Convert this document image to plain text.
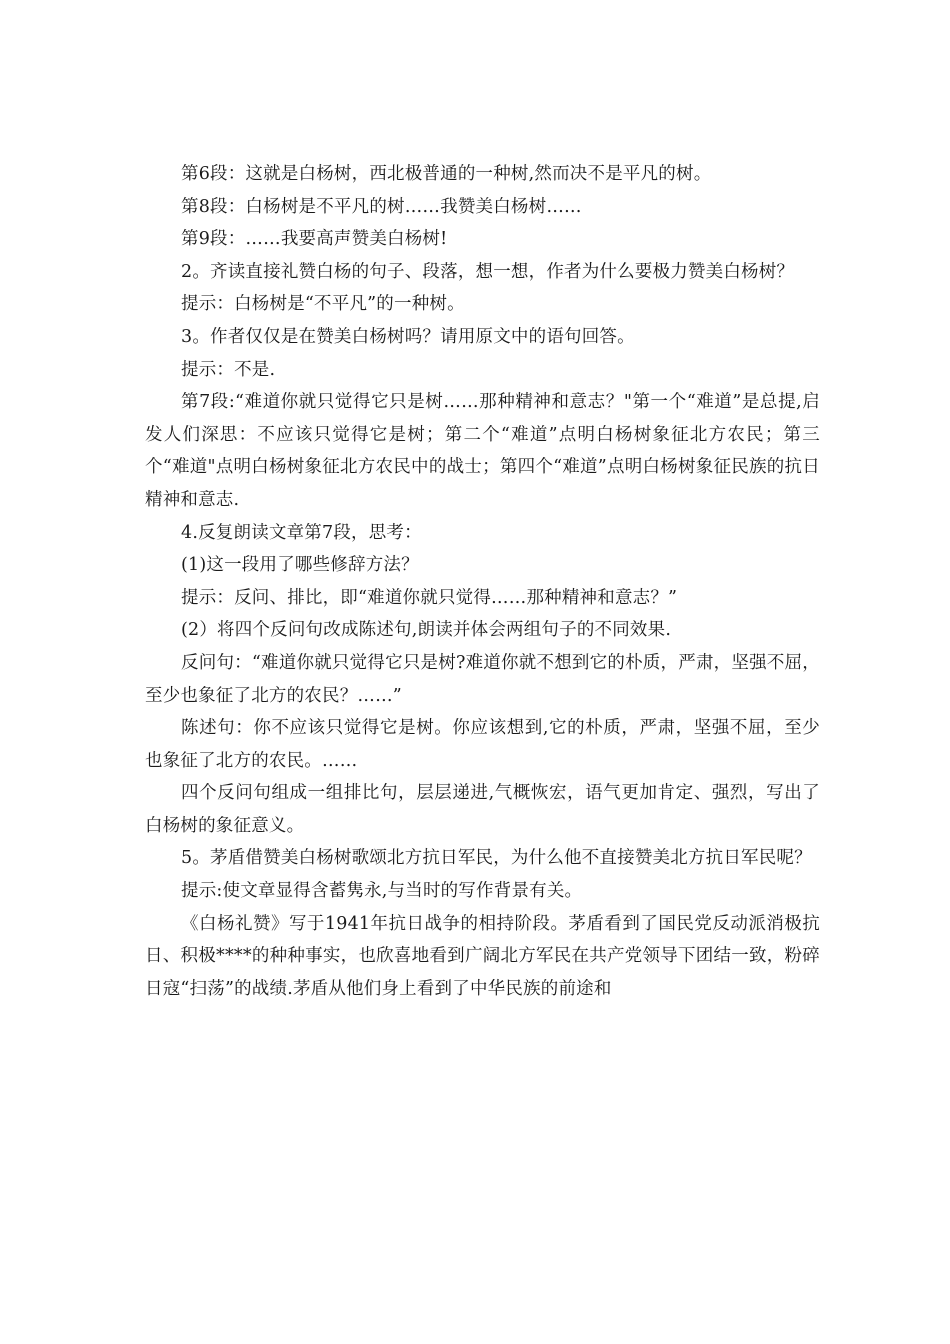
第6段：这就是白杨树，西北极普通的一种树,然而决不是平凡的树。

第8段：白杨树是不平凡的树……我赞美白杨树……

第9段：……我要高声赞美白杨树!

2。齐读直接礼赞白杨的句子、段落，想一想，作者为什么要极力赞美白杨树？

提示：白杨树是“不平凡”的一种树。

3。作者仅仅是在赞美白杨树吗？请用原文中的语句回答。

提示：不是.

第7段:“难道你就只觉得它只是树……那种精神和意志？"第一个“难道”是总提,启发人们深思：不应该只觉得它是树；第二个“难道”点明白杨树象征北方农民；第三个“难道"点明白杨树象征北方农民中的战士；第四个“难道”点明白杨树象征民族的抗日精神和意志.

4.反复朗读文章第7段，思考：

(1)这一段用了哪些修辞方法？

提示：反问、排比，即“难道你就只觉得……那种精神和意志？”

(2）将四个反问句改成陈述句,朗读并体会两组句子的不同效果.

反问句：“难道你就只觉得它只是树?难道你就不想到它的朴质，严肃，坚强不屈，至少也象征了北方的农民？……”

陈述句：你不应该只觉得它是树。你应该想到,它的朴质，严肃，坚强不屈，至少也象征了北方的农民。……

四个反问句组成一组排比句，层层递进,气概恢宏，语气更加肯定、强烈，写出了白杨树的象征意义。

5。茅盾借赞美白杨树歌颂北方抗日军民，为什么他不直接赞美北方抗日军民呢？

提示:使文章显得含蓄隽永,与当时的写作背景有关。

《白杨礼赞》写于1941年抗日战争的相持阶段。茅盾看到了国民党反动派消极抗日、积极****的种种事实，也欣喜地看到广阔北方军民在共产党领导下团结一致，粉碎日寇“扫荡”的战绩.茅盾从他们身上看到了中华民族的前途和
